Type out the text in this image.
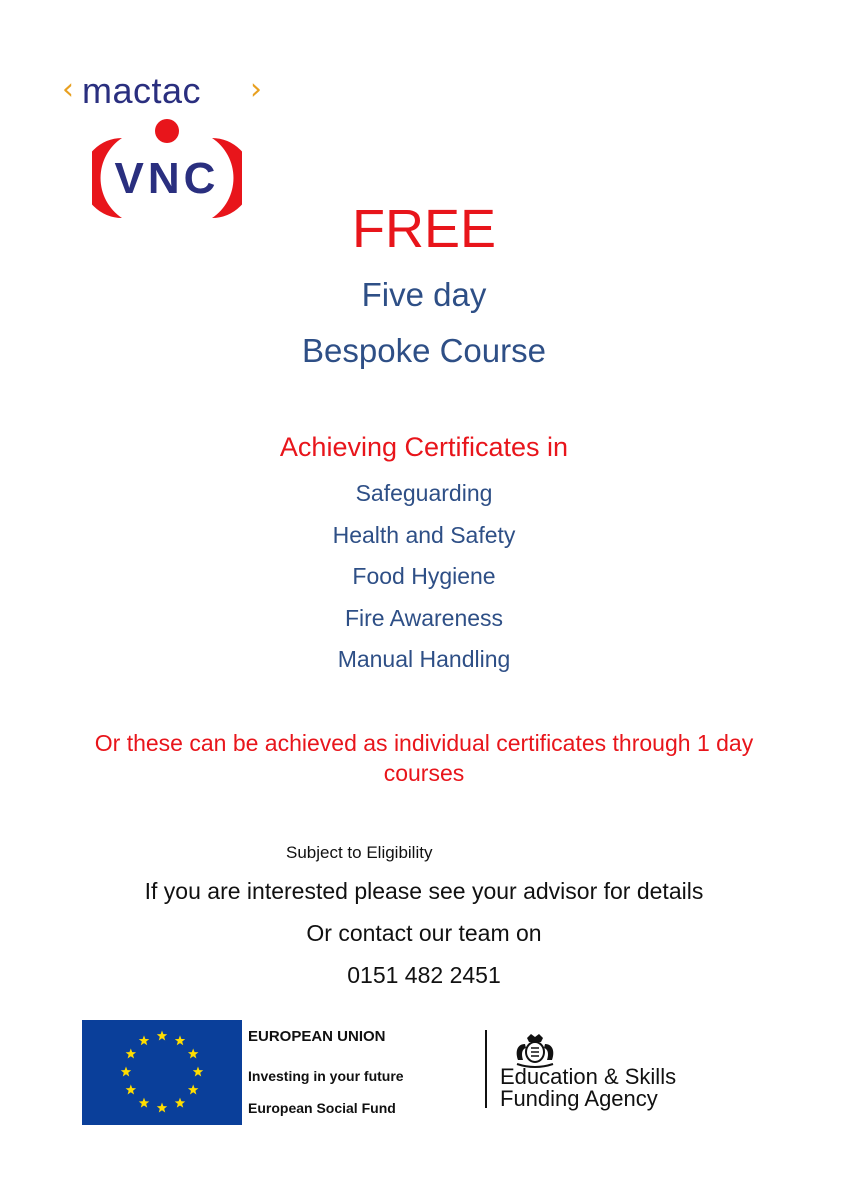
‹ mactac ›
VNC
FREE
Five day
Bespoke Course
Achieving Certificates in
Safeguarding
Health and Safety
Food Hygiene
Fire Awareness
Manual Handling
Or these can be achieved as individual certificates through 1 day
courses
Subject to Eligibility
If you are interested please see your advisor for details
Or contact our team on
0151 482 2451
EUROPEAN UNION
Investing in your future
European Social Fund
Education & Skills
Funding Agency
